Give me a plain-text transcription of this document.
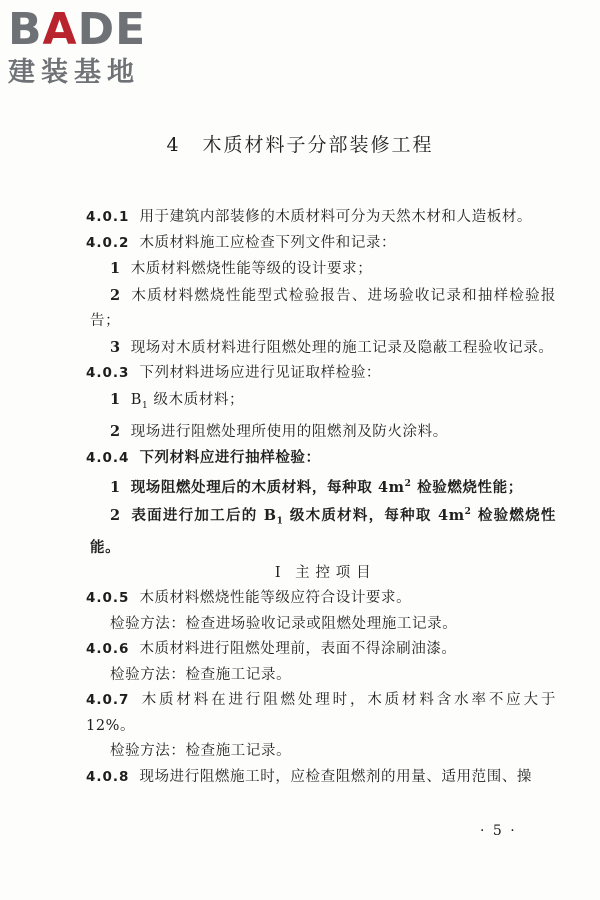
BADE
建装基地
4 木质材料子分部装修工程

4.0.1 用于建筑内部装修的木质材料可分为天然木材和人造板材。

4.0.2 木质材料施工应检查下列文件和记录：

1 木质材料燃烧性能等级的设计要求；

2 木质材料燃烧性能型式检验报告、进场验收记录和抽样检验报告；

3 现场对木质材料进行阻燃处理的施工记录及隐蔽工程验收记录。

4.0.3 下列材料进场应进行见证取样检验：

1 $B_1$ 级木质材料；

2 现场进行阻燃处理所使用的阻燃剂及防火涂料。

4.0.4 下列材料应进行抽样检验：

1 现场阻燃处理后的木质材料，每种取 $4m^2$ 检验燃烧性能；

2 表面进行加工后的 $B_1$ 级木质材料，每种取 $4m^2$ 检验燃烧性能。

I 主 控 项 目

4.0.5 木质材料燃烧性能等级应符合设计要求。

检验方法：检查进场验收记录或阻燃处理施工记录。

4.0.6 木质材料进行阻燃处理前，表面不得涂刷油漆。

检验方法：检查施工记录。

4.0.7 木质材料在进行阻燃处理时，木质材料含水率不应大于 12%。

检验方法：检查施工记录。

4.0.8 现场进行阻燃施工时，应检查阻燃剂的用量、适用范围、操

· 5 ·
